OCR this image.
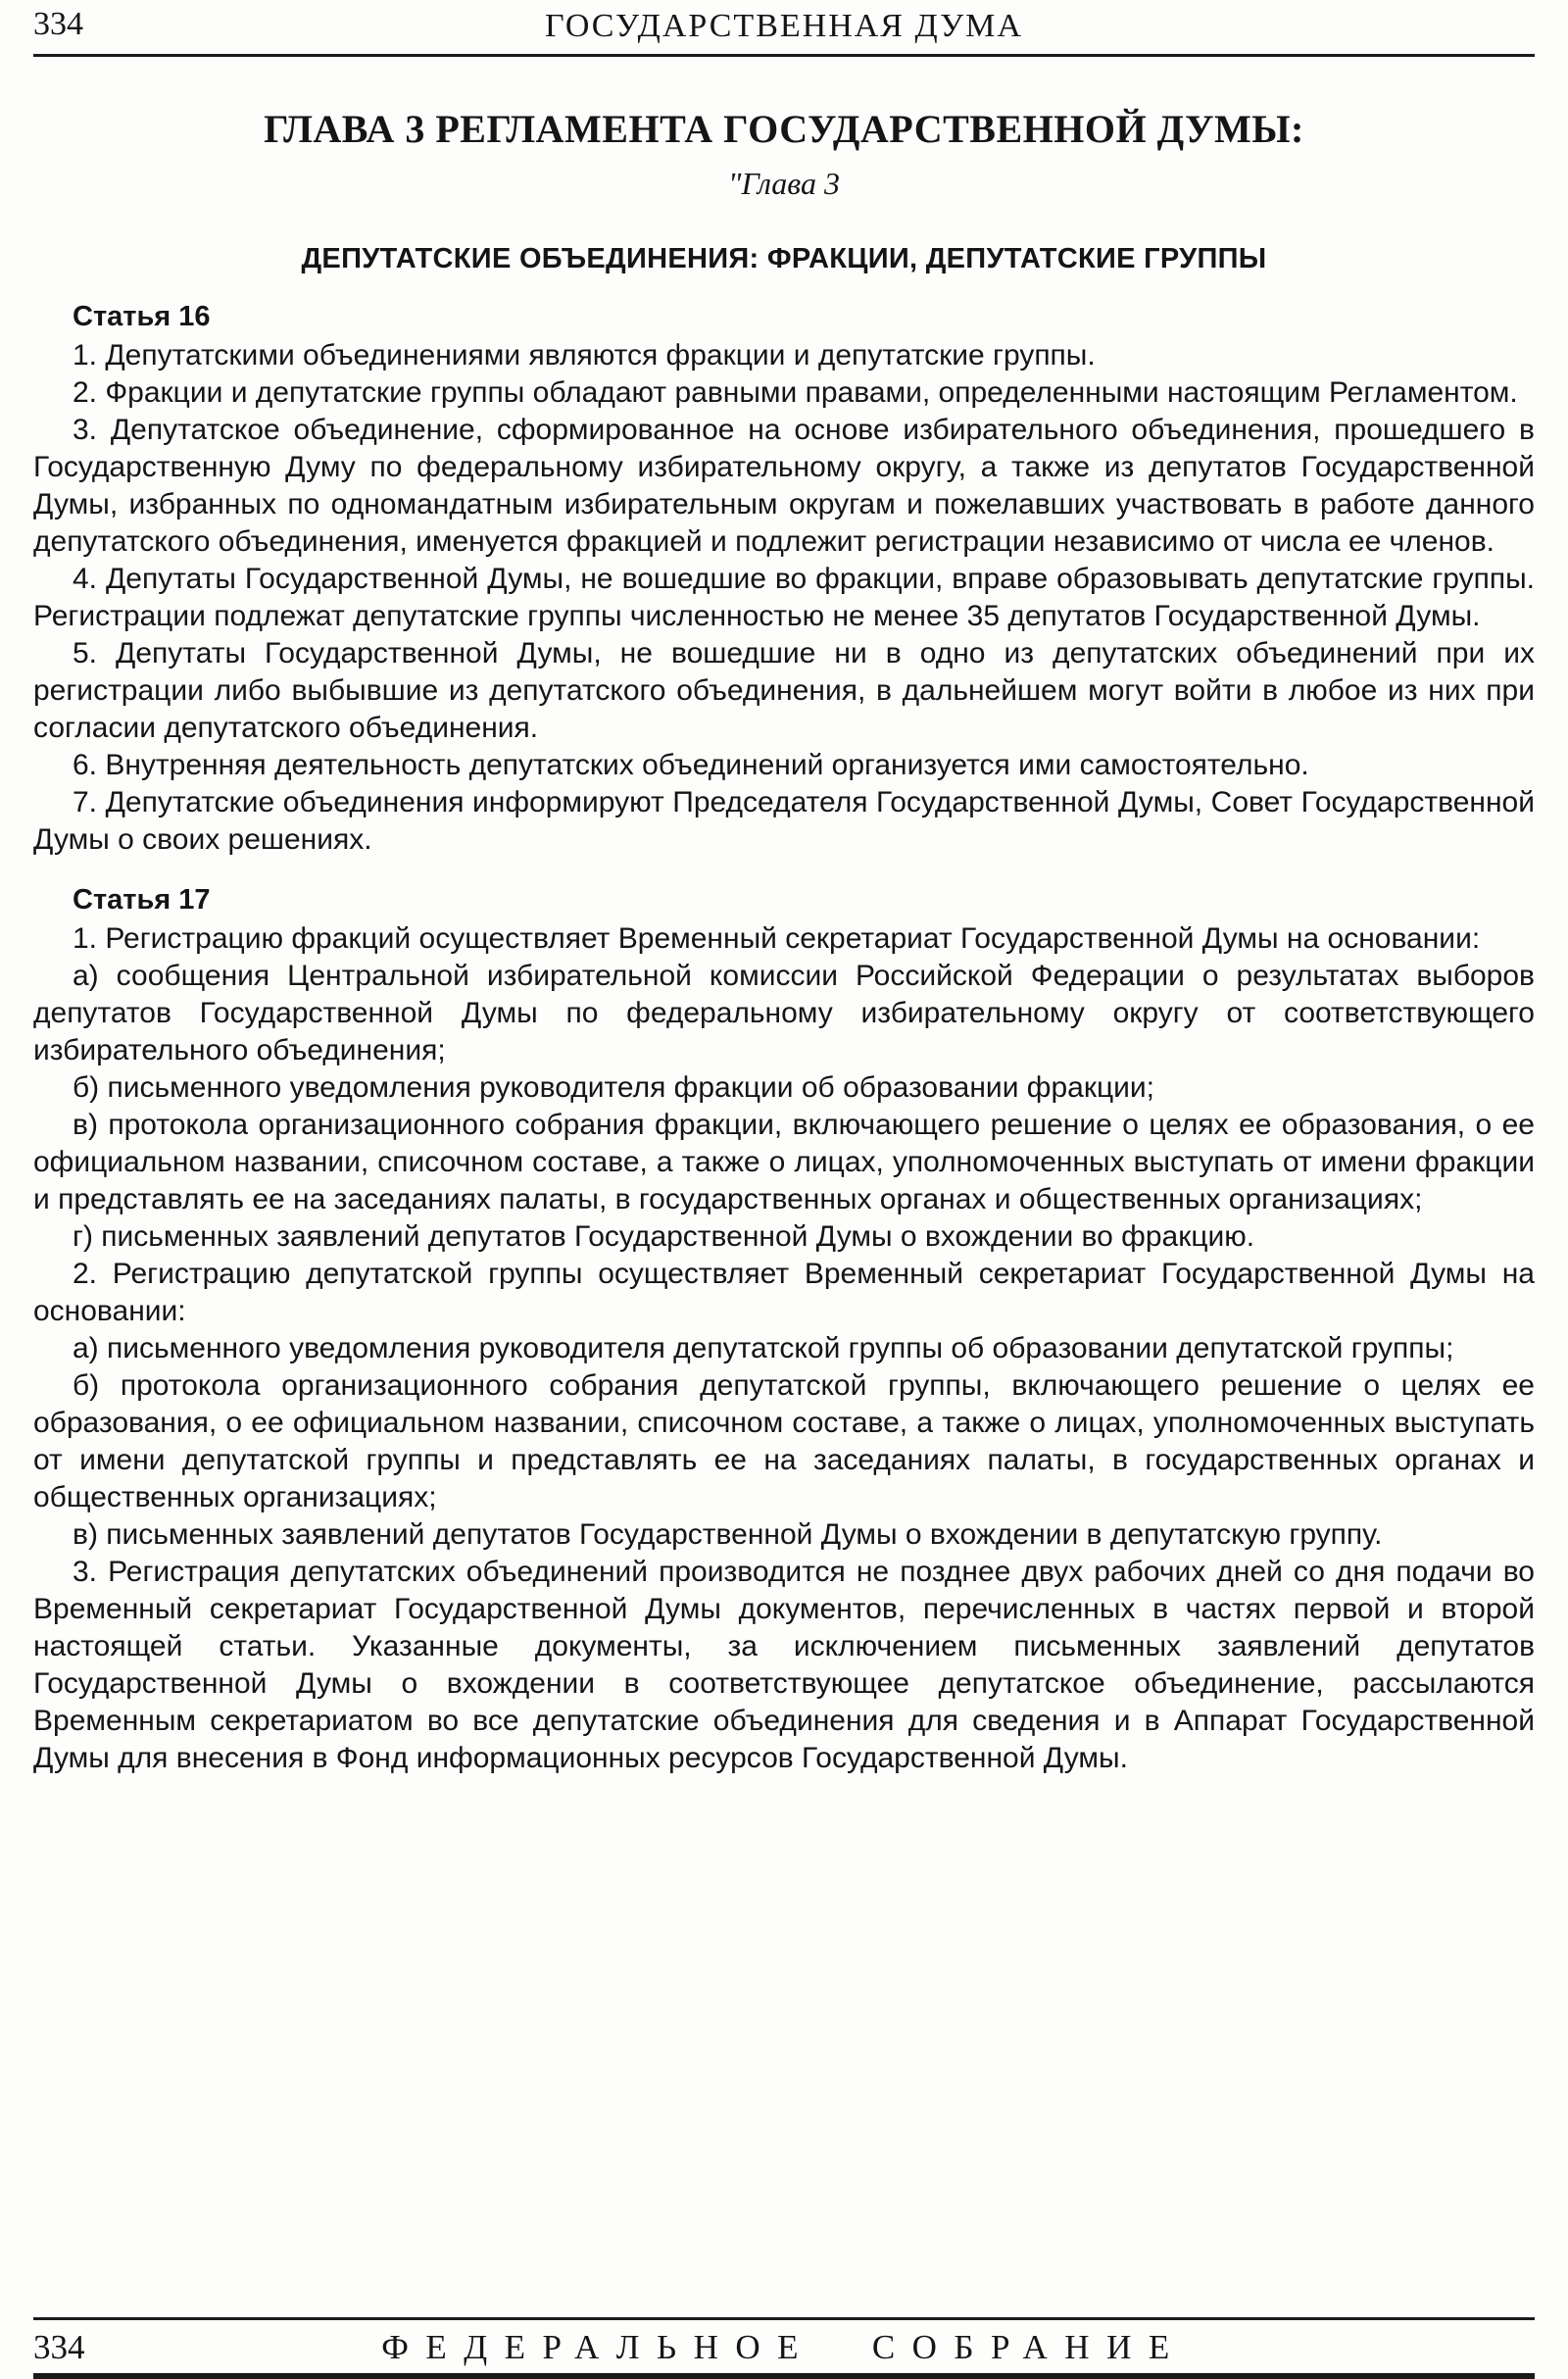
334	ГОСУДАРСТВЕННАЯ ДУМА
ГЛАВА 3 РЕГЛАМЕНТА ГОСУДАРСТВЕННОЙ ДУМЫ:
"Глава 3
ДЕПУТАТСКИЕ ОБЪЕДИНЕНИЯ: ФРАКЦИИ, ДЕПУТАТСКИЕ ГРУППЫ
Статья 16

1. Депутатскими объединениями являются фракции и депутатские группы.

2. Фракции и депутатские группы обладают равными правами, определенными настоящим Регламентом.

3. Депутатское объединение, сформированное на основе избирательного объединения, прошедшего в Государственную Думу по федеральному избирательному округу, а также из депутатов Государственной Думы, избранных по одномандатным избирательным округам и пожелавших участвовать в работе данного депутатского объединения, именуется фракцией и подлежит регистрации независимо от числа ее членов.

4. Депутаты Государственной Думы, не вошедшие во фракции, вправе образовывать депутатские группы. Регистрации подлежат депутатские группы численностью не менее 35 депутатов Государственной Думы.

5. Депутаты Государственной Думы, не вошедшие ни в одно из депутатских объединений при их регистрации либо выбывшие из депутатского объединения, в дальнейшем могут войти в любое из них при согласии депутатского объединения.

6. Внутренняя деятельность депутатских объединений организуется ими самостоятельно.

7. Депутатские объединения информируют Председателя Государственной Думы, Совет Государственной Думы о своих решениях.

Статья 17

1. Регистрацию фракций осуществляет Временный секретариат Государственной Думы на основании:

а) сообщения Центральной избирательной комиссии Российской Федерации о результатах выборов депутатов Государственной Думы по федеральному избирательному округу от соответствующего избирательного объединения;

б) письменного уведомления руководителя фракции об образовании фракции;

в) протокола организационного собрания фракции, включающего решение о целях ее образования, о ее официальном названии, списочном составе, а также о лицах, уполномоченных выступать от имени фракции и представлять ее на заседаниях палаты, в государственных органах и общественных организациях;

г) письменных заявлений депутатов Государственной Думы о вхождении во фракцию.

2. Регистрацию депутатской группы осуществляет Временный секретариат Государственной Думы на основании:

а) письменного уведомления руководителя депутатской группы об образовании депутатской группы;

б) протокола организационного собрания депутатской группы, включающего решение о целях ее образования, о ее официальном названии, списочном составе, а также о лицах, уполномоченных выступать от имени депутатской группы и представлять ее на заседаниях палаты, в государственных органах и общественных организациях;

в) письменных заявлений депутатов Государственной Думы о вхождении в депутатскую группу.

3. Регистрация депутатских объединений производится не позднее двух рабочих дней со дня подачи во Временный секретариат Государственной Думы документов, перечисленных в частях первой и второй настоящей статьи. Указанные документы, за исключением письменных заявлений депутатов Государственной Думы о вхождении в соответствующее депутатское объединение, рассылаются Временным секретариатом во все депутатские объединения для сведения и в Аппарат Государственной Думы для внесения в Фонд информационных ресурсов Государственной Думы.

334	ФЕДЕРАЛЬНОЕ СОБРАНИЕ
